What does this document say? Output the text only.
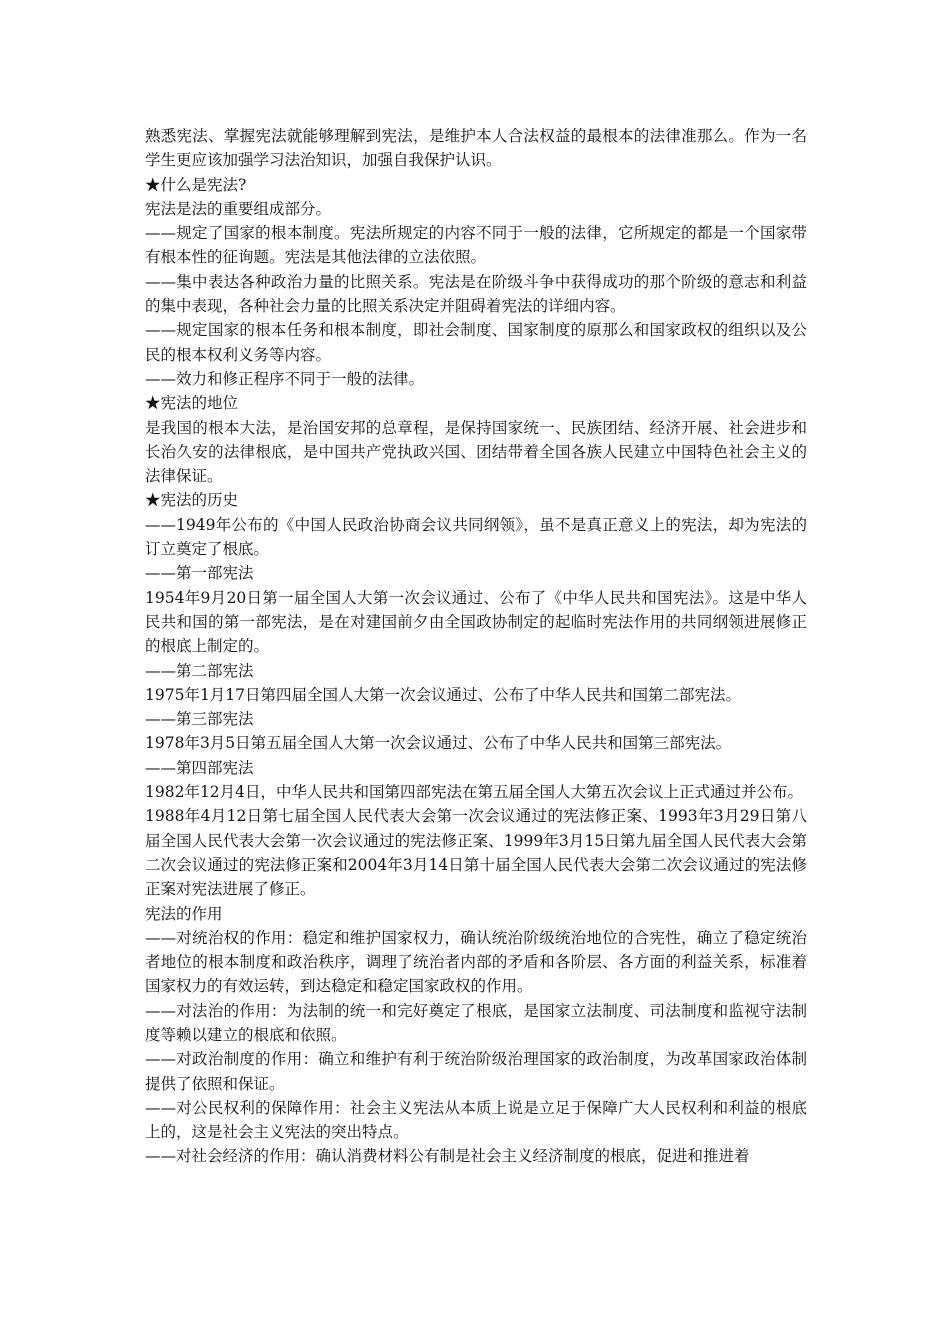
熟悉宪法、掌握宪法就能够理解到宪法，是维护本人合法权益的最根本的法律准那么。作为一名学生更应该加强学习法治知识，加强自我保护认识。

★什么是宪法?

宪法是法的重要组成部分。

——规定了国家的根本制度。宪法所规定的内容不同于一般的法律，它所规定的都是一个国家带有根本性的征询题。宪法是其他法律的立法依照。

——集中表达各种政治力量的比照关系。宪法是在阶级斗争中获得成功的那个阶级的意志和利益的集中表现，各种社会力量的比照关系决定并阻碍着宪法的详细内容。

——规定国家的根本任务和根本制度，即社会制度、国家制度的原那么和国家政权的组织以及公民的根本权利义务等内容。

——效力和修正程序不同于一般的法律。

★宪法的地位

是我国的根本大法，是治国安邦的总章程，是保持国家统一、民族团结、经济开展、社会进步和长治久安的法律根底，是中国共产党执政兴国、团结带着全国各族人民建立中国特色社会主义的法律保证。

★宪法的历史

——1949年公布的《中国人民政治协商会议共同纲领》，虽不是真正意义上的宪法，却为宪法的订立奠定了根底。

——第一部宪法

1954年9月20日第一届全国人大第一次会议通过、公布了《中华人民共和国宪法》。这是中华人民共和国的第一部宪法，是在对建国前夕由全国政协制定的起临时宪法作用的共同纲领进展修正的根底上制定的。

——第二部宪法

1975年1月17日第四届全国人大第一次会议通过、公布了中华人民共和国第二部宪法。

——第三部宪法

1978年3月5日第五届全国人大第一次会议通过、公布了中华人民共和国第三部宪法。

——第四部宪法

1982年12月4日，中华人民共和国第四部宪法在第五届全国人大第五次会议上正式通过并公布。

1988年4月12日第七届全国人民代表大会第一次会议通过的宪法修正案、1993年3月29日第八届全国人民代表大会第一次会议通过的宪法修正案、1999年3月15日第九届全国人民代表大会第二次会议通过的宪法修正案和2004年3月14日第十届全国人民代表大会第二次会议通过的宪法修正案对宪法进展了修正。

宪法的作用

——对统治权的作用：稳定和维护国家权力，确认统治阶级统治地位的合宪性，确立了稳定统治者地位的根本制度和政治秩序，调理了统治者内部的矛盾和各阶层、各方面的利益关系，标准着国家权力的有效运转，到达稳定和稳定国家政权的作用。

——对法治的作用：为法制的统一和完好奠定了根底，是国家立法制度、司法制度和监视守法制度等赖以建立的根底和依照。

——对政治制度的作用：确立和维护有利于统治阶级治理国家的政治制度，为改革国家政治体制提供了依照和保证。

——对公民权利的保障作用：社会主义宪法从本质上说是立足于保障广大人民权利和利益的根底上的，这是社会主义宪法的突出特点。

——对社会经济的作用：确认消费材料公有制是社会主义经济制度的根底，促进和推进着
